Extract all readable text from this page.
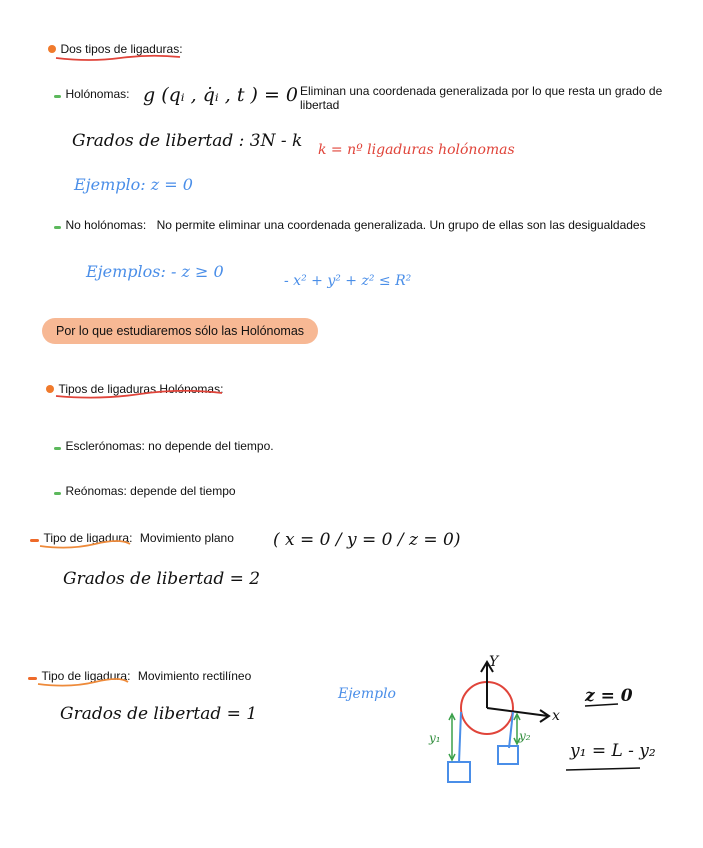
Dos tipos de ligaduras:
Holónomas: g (qᵢ , q̇ᵢ , t ) = 0 Eliminan una coordenada generalizada por lo que resta un grado de
libertad
Grados de libertad : 3N - k k = nº ligaduras holónomas
Ejemplo: z = 0
No holónomas: No permite eliminar una coordenada generalizada. Un grupo de ellas son las desigualdades
Ejemplos: - z ≥ 0	- x² + y² + z² ≤ R²
Por lo que estudiaremos sólo las Holónomas
Tipos de ligaduras Holónomas:
Esclerónomas: no depende del tiempo.
Reónomas: depende del tiempo
Tipo de ligadura: Movimiento plano ( x = 0 / y = 0 / z = 0)
Grados de libertad = 2
Tipo de ligadura: Movimiento rectilíneo
Grados de libertad = 1
Ejemplo	z = 0
y₁ = L - y₂
Y
x
y₁	y₂
